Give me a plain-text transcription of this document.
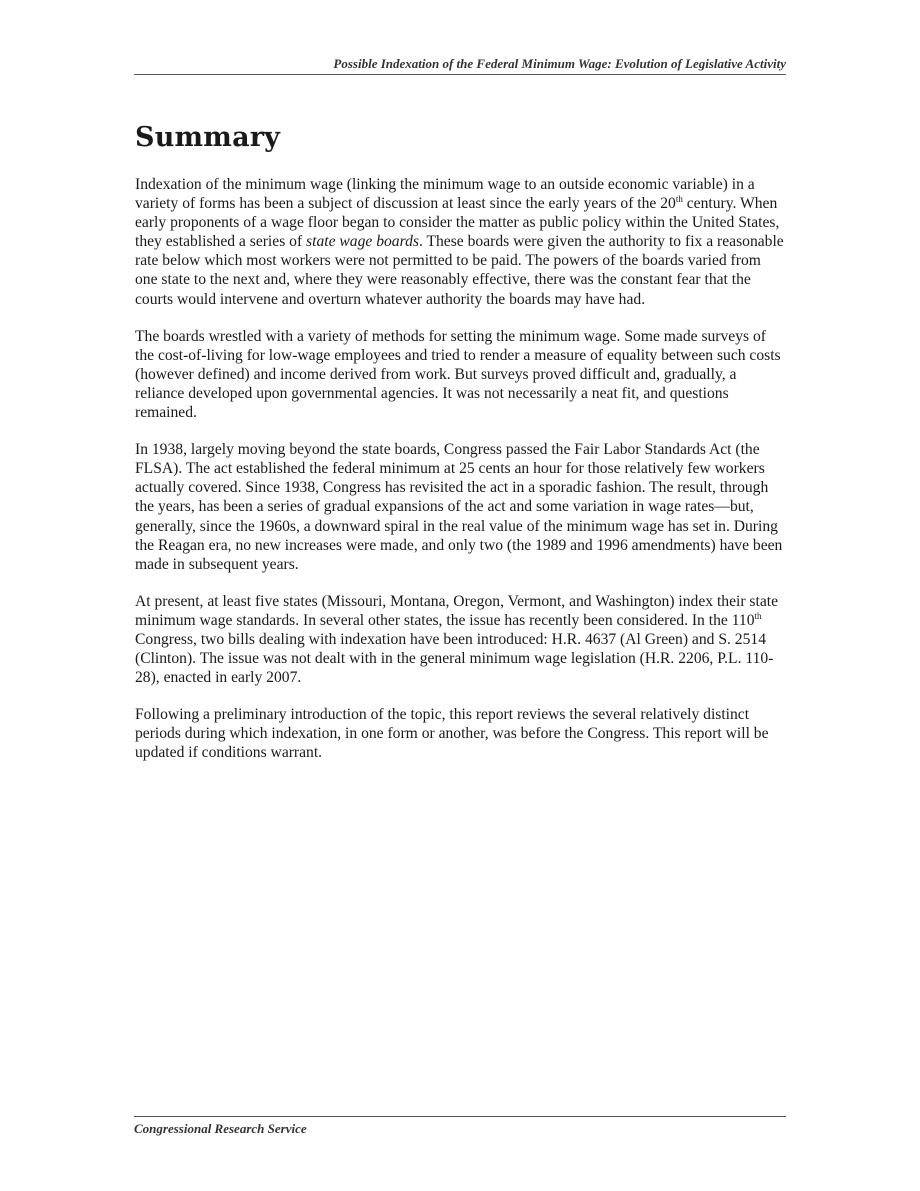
Possible Indexation of the Federal Minimum Wage: Evolution of Legislative Activity
Summary

Indexation of the minimum wage (linking the minimum wage to an outside economic variable) in a variety of forms has been a subject of discussion at least since the early years of the 20th century. When early proponents of a wage floor began to consider the matter as public policy within the United States, they established a series of state wage boards. These boards were given the authority to fix a reasonable rate below which most workers were not permitted to be paid. The powers of the boards varied from one state to the next and, where they were reasonably effective, there was the constant fear that the courts would intervene and overturn whatever authority the boards may have had.

The boards wrestled with a variety of methods for setting the minimum wage. Some made surveys of the cost-of-living for low-wage employees and tried to render a measure of equality between such costs (however defined) and income derived from work. But surveys proved difficult and, gradually, a reliance developed upon governmental agencies. It was not necessarily a neat fit, and questions remained.

In 1938, largely moving beyond the state boards, Congress passed the Fair Labor Standards Act (the FLSA). The act established the federal minimum at 25 cents an hour for those relatively few workers actually covered. Since 1938, Congress has revisited the act in a sporadic fashion. The result, through the years, has been a series of gradual expansions of the act and some variation in wage rates—but, generally, since the 1960s, a downward spiral in the real value of the minimum wage has set in. During the Reagan era, no new increases were made, and only two (the 1989 and 1996 amendments) have been made in subsequent years.

At present, at least five states (Missouri, Montana, Oregon, Vermont, and Washington) index their state minimum wage standards. In several other states, the issue has recently been considered. In the 110th Congress, two bills dealing with indexation have been introduced: H.R. 4637 (Al Green) and S. 2514 (Clinton). The issue was not dealt with in the general minimum wage legislation (H.R. 2206, P.L. 110-28), enacted in early 2007.

Following a preliminary introduction of the topic, this report reviews the several relatively distinct periods during which indexation, in one form or another, was before the Congress. This report will be updated if conditions warrant.

Congressional Research Service
